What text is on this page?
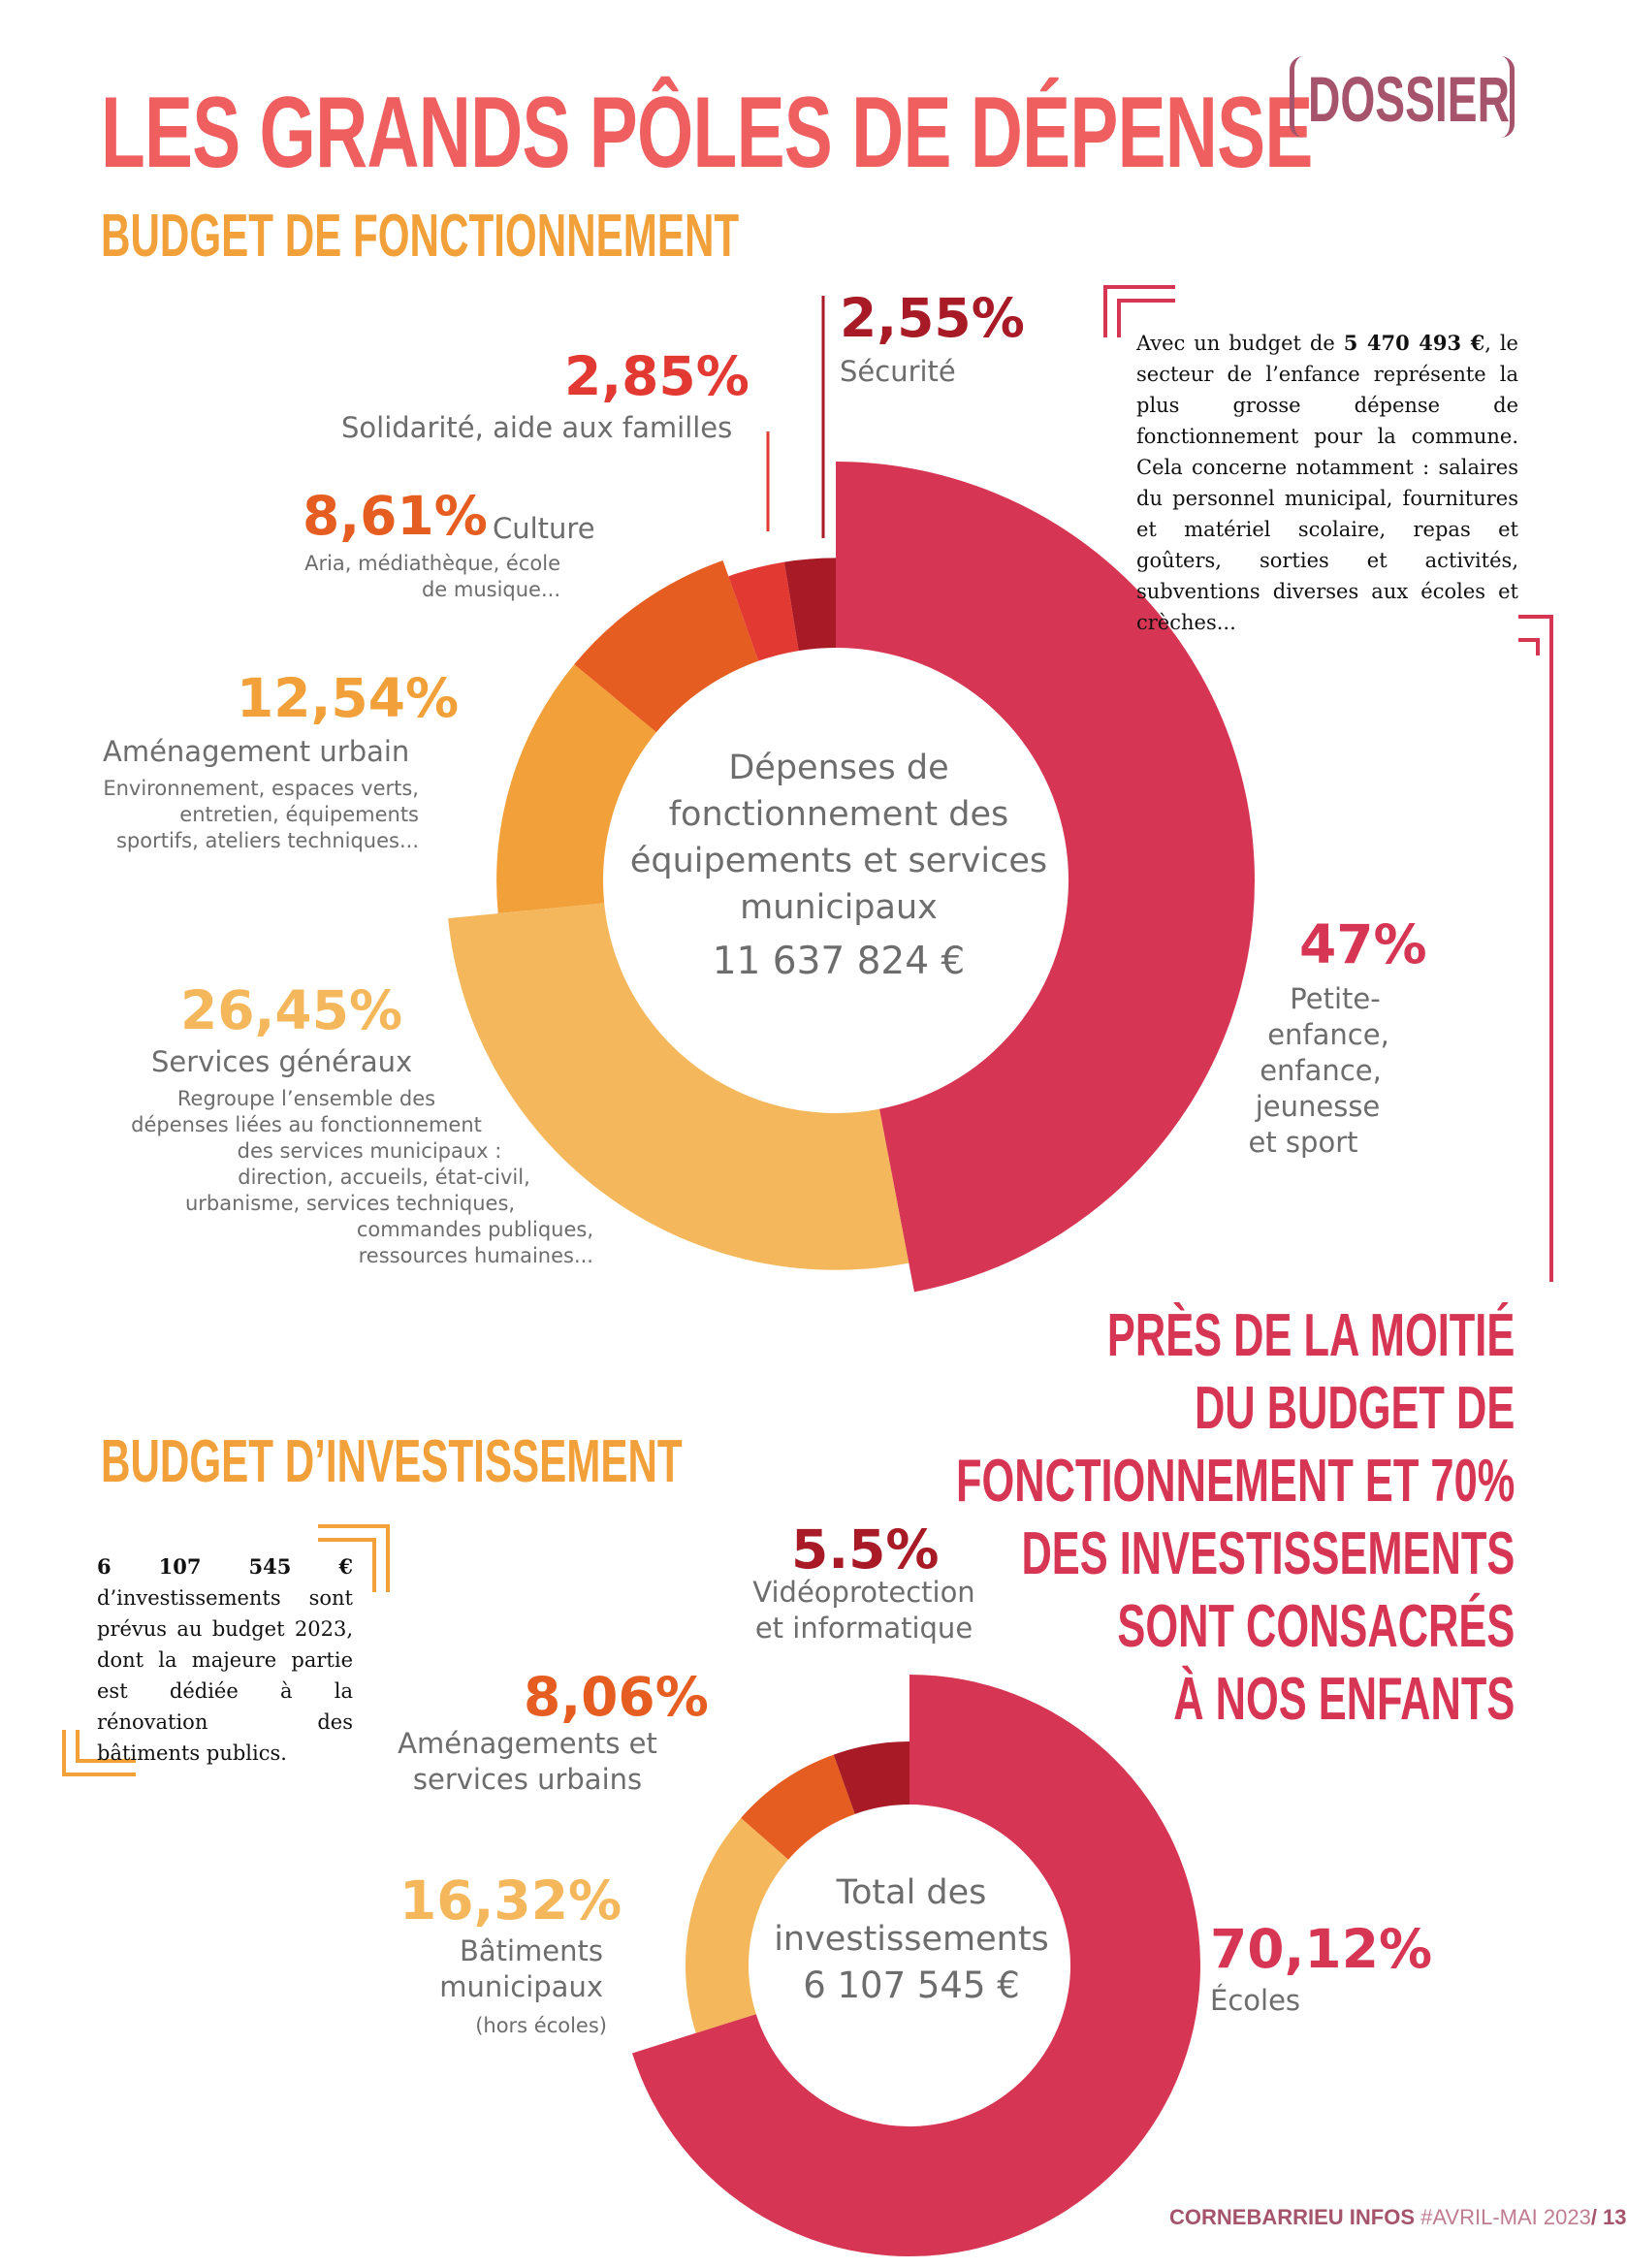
LES GRANDS PÔLES DE DÉPENSE
BUDGET DE FONCTIONNEMENT
DOSSIER
Dépenses de
fonctionnement des
équipements et services
municipaux
11 637 824 €
2,55%
Sécurité
2,85%
Solidarité, aide aux familles
8,61% Culture
Aria, médiathèque, école
de musique...
12,54%
Aménagement urbain
Environnement, espaces verts,
entretien, équipements
sportifs, ateliers techniques...
26,45%
Services généraux
Regroupe l’ensemble des
dépenses liées au fonctionnement
des services municipaux :
direction, accueils, état-civil,
urbanisme, services techniques,
commandes publiques,
ressources humaines...
47%
Petite-
enfance,
enfance,
jeunesse
et sport
Avec un budget de 5 470 493 €, le secteur de l’enfance représente la plus grosse dépense de fonctionnement pour la commune. Cela concerne notamment : salaires du personnel municipal, fournitures et matériel scolaire, repas et goûters, sorties et activités, subventions diverses aux écoles et crèches...
PRÈS DE LA MOITIÉ
DU BUDGET DE
FONCTIONNEMENT ET 70%
DES INVESTISSEMENTS
SONT CONSACRÉS
À NOS ENFANTS
BUDGET D’INVESTISSEMENT
6 107 545 € d’investissements sont prévus au budget 2023, dont la majeure partie est dédiée à la rénovation des bâtiments publics.
Total des
investissements
6 107 545 €
5.5%
Vidéoprotection
et informatique
8,06%
Aménagements et
services urbains
16,32%
Bâtiments
municipaux
(hors écoles)
70,12%
Écoles
CORNEBARRIEU INFOS #AVRIL-MAI 2023/ 13
